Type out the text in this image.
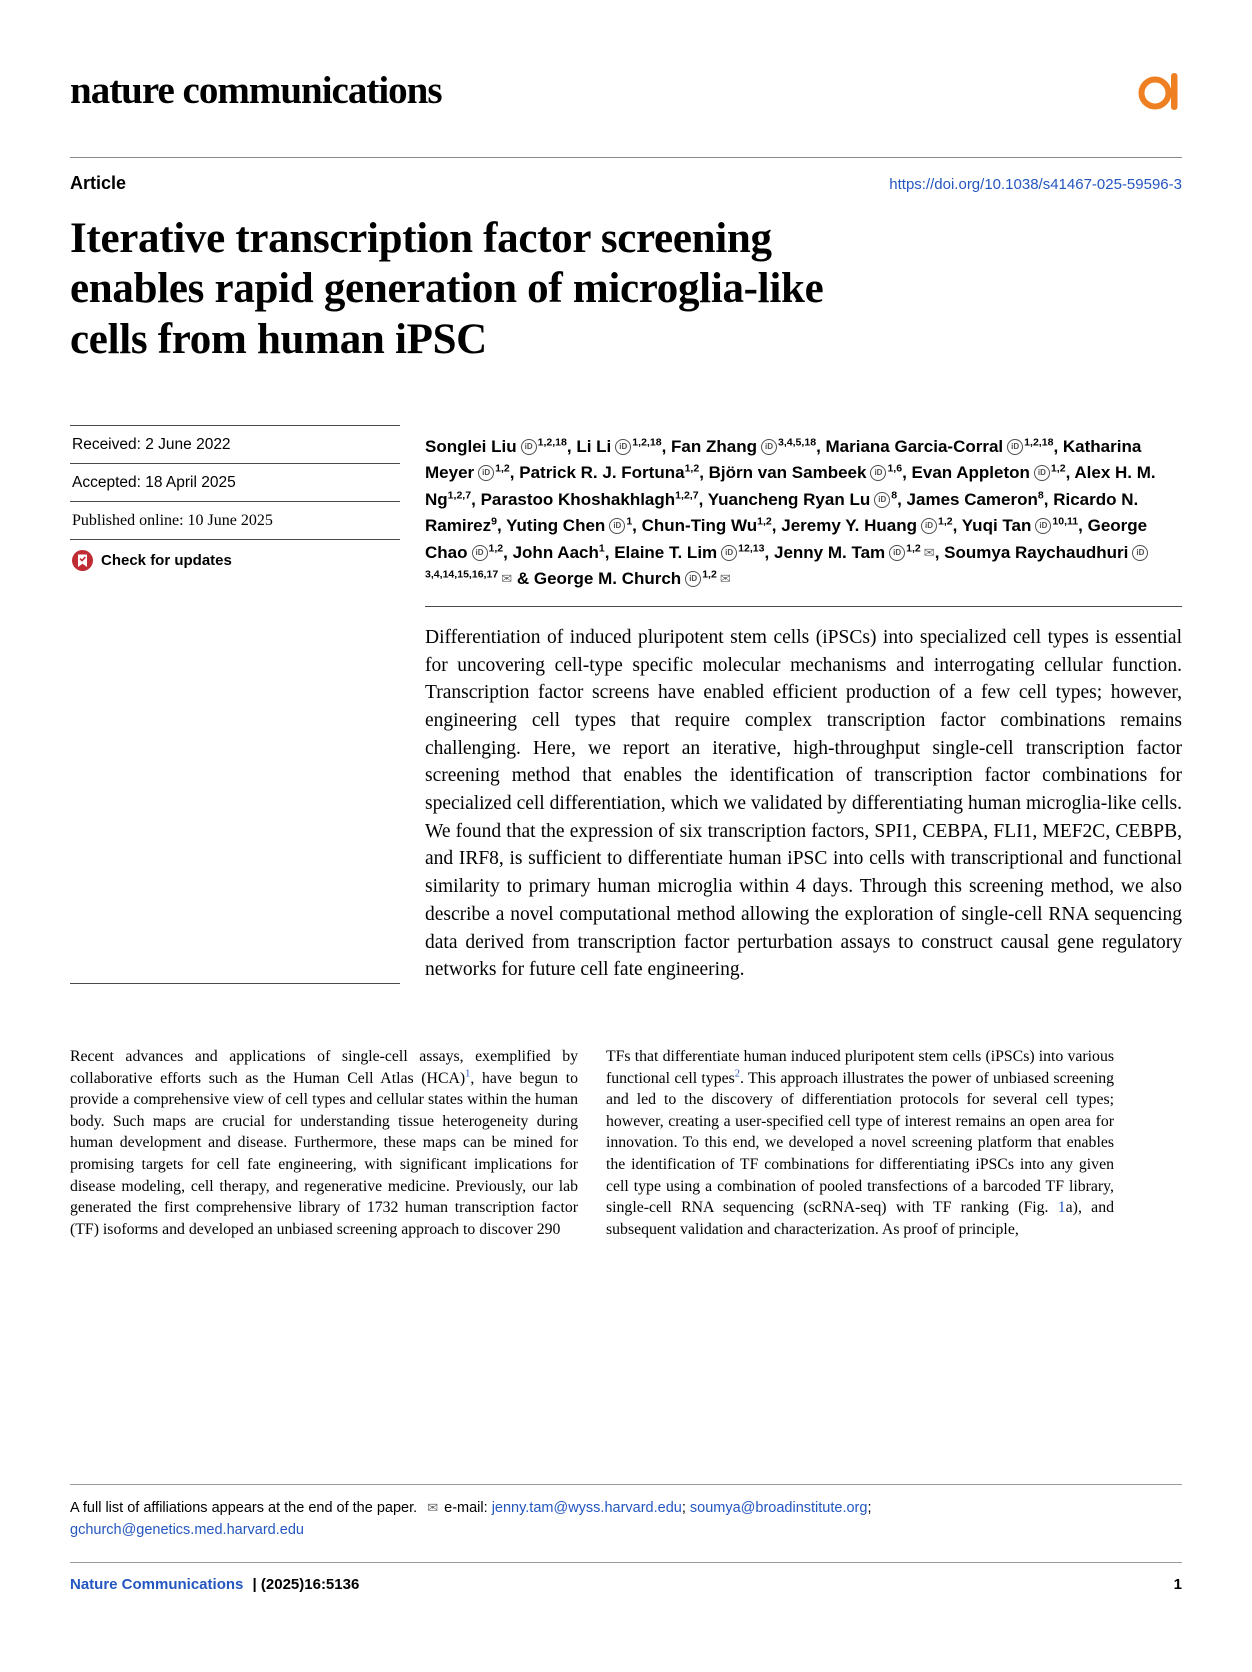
nature communications
Article	https://doi.org/10.1038/s41467-025-59596-3
Iterative transcription factor screening
enables rapid generation of microglia-like
cells from human iPSC
Received: 2 June 2022
Accepted: 18 April 2025
Published online: 10 June 2025
Check for updates
Songlei Liu iD $^{1,2,18}$, Li Li iD $^{1,2,18}$, Fan Zhang iD $^{3,4,5,18}$, Mariana Garcia-Corral iD $^{1,2,18}$, Katharina Meyer iD $^{1,2}$, Patrick R. J. Fortuna$^{1,2}$, Björn van Sambeek iD $^{1,6}$, Evan Appleton iD $^{1,2}$, Alex H. M. Ng$^{1,2,7}$, Parastoo Khoshakhlagh$^{1,2,7}$, Yuancheng Ryan Lu iD $^8$, James Cameron$^8$, Ricardo N. Ramirez$^9$, Yuting Chen iD $^1$, Chun-Ting Wu$^{1,2}$, Jeremy Y. Huang iD $^{1,2}$, Yuqi Tan iD $^{10,11}$, George Chao iD $^{1,2}$, John Aach$^1$, Elaine T. Lim iD $^{12,13}$, Jenny M. Tam iD $^{1,2}$ ✉, Soumya Raychaudhuri iD$^{3,4,14,15,16,17}$ ✉ & George M. Church iD $^{1,2}$ ✉

Differentiation of induced pluripotent stem cells (iPSCs) into specialized cell types is essential for uncovering cell-type specific molecular mechanisms and interrogating cellular function. Transcription factor screens have enabled efficient production of a few cell types; however, engineering cell types that require complex transcription factor combinations remains challenging. Here, we report an iterative, high-throughput single-cell transcription factor screening method that enables the identification of transcription factor combinations for specialized cell differentiation, which we validated by differentiating human microglia-like cells. We found that the expression of six transcription factors, SPI1, CEBPA, FLI1, MEF2C, CEBPB, and IRF8, is sufficient to differentiate human iPSC into cells with transcriptional and functional similarity to primary human microglia within 4 days. Through this screening method, we also describe a novel computational method allowing the exploration of single-cell RNA sequencing data derived from transcription factor perturbation assays to construct causal gene regulatory networks for future cell fate engineering.

Recent advances and applications of single-cell assays, exemplified by collaborative efforts such as the Human Cell Atlas (HCA)$^1$, have begun to provide a comprehensive view of cell types and cellular states within the human body. Such maps are crucial for understanding tissue heterogeneity during human development and disease. Furthermore, these maps can be mined for promising targets for cell fate engineering, with significant implications for disease modeling, cell therapy, and regenerative medicine. Previously, our lab generated the first comprehensive library of 1732 human transcription factor (TF) isoforms and developed an unbiased screening approach to discover 290

TFs that differentiate human induced pluripotent stem cells (iPSCs) into various functional cell types$^2$. This approach illustrates the power of unbiased screening and led to the discovery of differentiation protocols for several cell types; however, creating a user-specified cell type of interest remains an open area for innovation. To this end, we developed a novel screening platform that enables the identification of TF combinations for differentiating iPSCs into any given cell type using a combination of pooled transfections of a barcoded TF library, single-cell RNA sequencing (scRNA-seq) with TF ranking (Fig. 1a), and subsequent validation and characterization. As proof of principle,

A full list of affiliations appears at the end of the paper. ✉ e-mail: jenny.tam@wyss.harvard.edu; soumya@broadinstitute.org;
gchurch@genetics.med.harvard.edu
Nature Communications | (2025)16:5136	1
